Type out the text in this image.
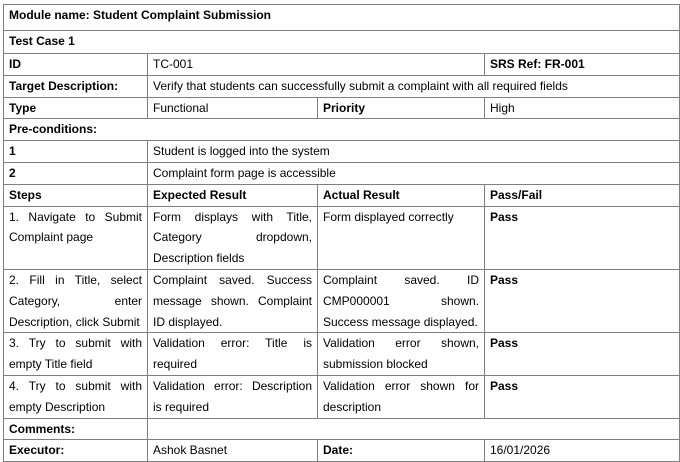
Module name: Student Complaint Submission			
Test Case 1			
ID	TC-001		SRS Ref: FR-001
Target Description:	Verify that students can successfully submit a complaint with all required fields		
Type	Functional	Priority	High
Pre-conditions:			
1	Student is logged into the system		
2	Complaint form page is accessible		
Steps	Expected Result	Actual Result	Pass/Fail
1. Navigate to Submit Complaint page	Form displays with Title, Category dropdown, Description fields	Form displayed correctly	Pass
2. Fill in Title, select Category, enter Description, click Submit	Complaint saved. Success message shown. Complaint ID displayed.	Complaint saved. ID CMP000001 shown. Success message displayed.	Pass
3. Try to submit with empty Title field	Validation error: Title is required	Validation error shown, submission blocked	Pass
4. Try to submit with empty Description	Validation error: Description is required	Validation error shown for description	Pass
Comments:			
Executor:	Ashok Basnet	Date:	16/01/2026
